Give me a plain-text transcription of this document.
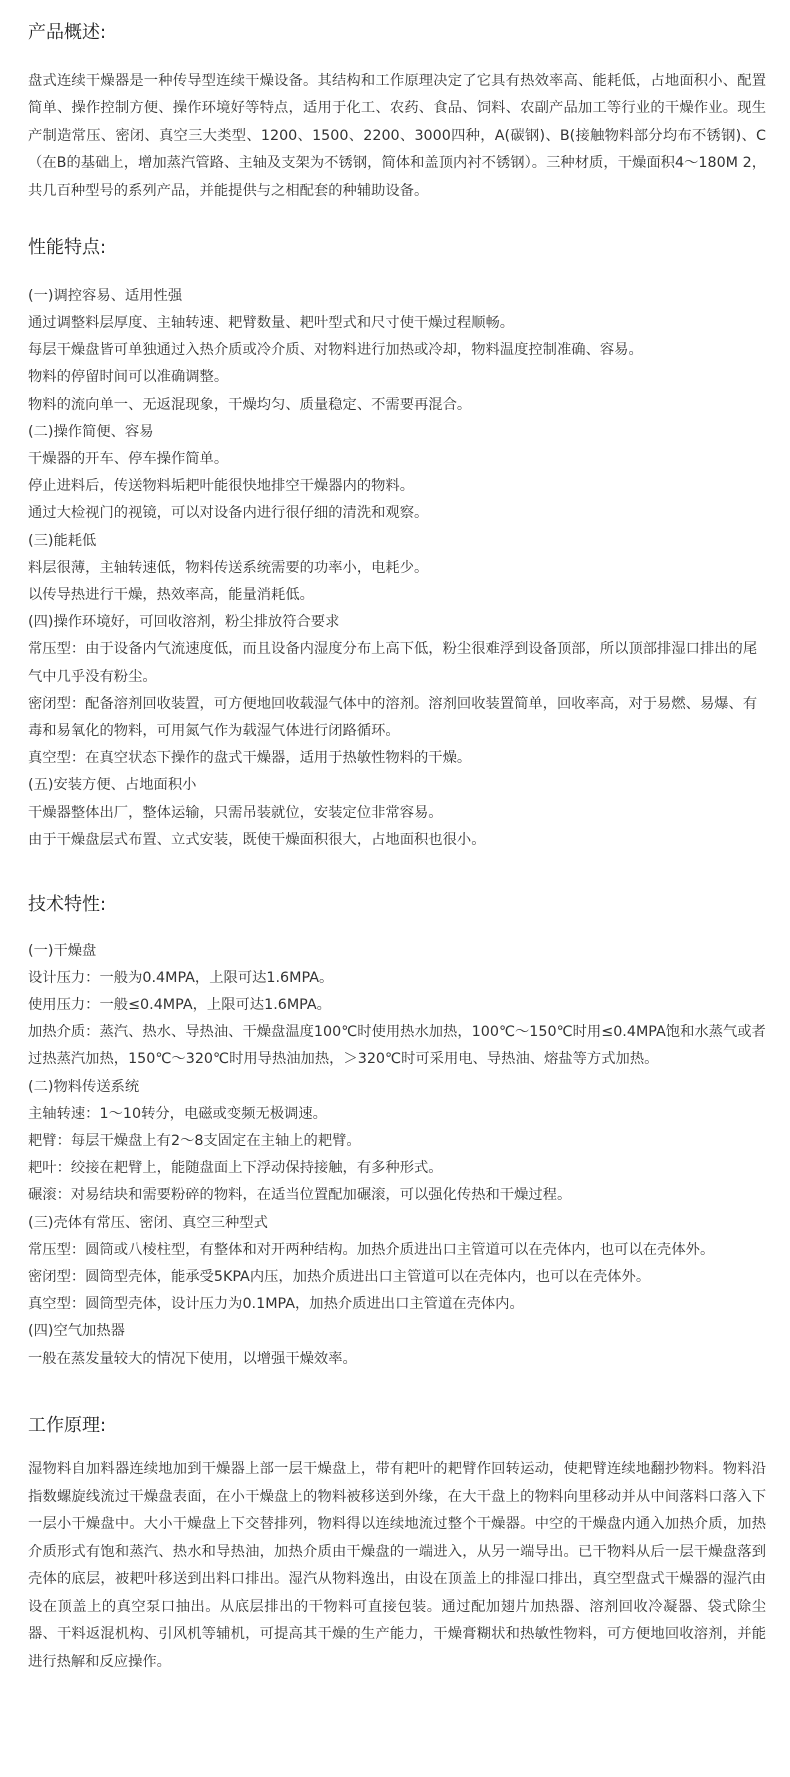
产品概述:

盘式连续干燥器是一种传导型连续干燥设备。其结构和工作原理决定了它具有热效率高、能耗低，占地面积小、配置简单、操作控制方便、操作环境好等特点，适用于化工、农药、食品、饲料、农副产品加工等行业的干燥作业。现生产制造常压、密闭、真空三大类型、1200、1500、2200、3000四种，A(碳钢)、B(接触物料部分均布不锈钢)、C（在B的基础上，增加蒸汽管路、主轴及支架为不锈钢，简体和盖顶内衬不锈钢）。三种材质，干燥面积4～180M 2，共几百种型号的系列产品，并能提供与之相配套的种辅助设备。

性能特点:

(一)调控容易、适用性强

通过调整料层厚度、主轴转速、耙臂数量、耙叶型式和尺寸使干燥过程顺畅。

每层干燥盘皆可单独通过入热介质或冷介质、对物料进行加热或冷却，物料温度控制准确、容易。

物料的停留时间可以准确调整。

物料的流向单一、无返混现象，干燥均匀、质量稳定、不需要再混合。

(二)操作简便、容易

干燥器的开车、停车操作简单。

停止进料后，传送物料垢耙叶能很快地排空干燥器内的物料。

通过大检视门的视镜，可以对设备内进行很仔细的清洗和观察。

(三)能耗低

料层很薄，主轴转速低，物料传送系统需要的功率小，电耗少。

以传导热进行干燥，热效率高，能量消耗低。

(四)操作环境好，可回收溶剂，粉尘排放符合要求

常压型：由于设备内气流速度低，而且设备内湿度分布上高下低，粉尘很难浮到设备顶部，所以顶部排湿口排出的尾气中几乎没有粉尘。

密闭型：配备溶剂回收装置，可方便地回收载湿气体中的溶剂。溶剂回收装置简单，回收率高，对于易燃、易爆、有毒和易氧化的物料，可用氮气作为载湿气体进行闭路循环。

真空型：在真空状态下操作的盘式干燥器，适用于热敏性物料的干燥。

(五)安装方便、占地面积小

干燥器整体出厂，整体运输，只需吊装就位，安装定位非常容易。

由于干燥盘层式布置、立式安装，既使干燥面积很大，占地面积也很小。

技术特性:

(一)干燥盘

设计压力：一般为0.4MPA，上限可达1.6MPA。

使用压力：一般≤0.4MPA，上限可达1.6MPA。

加热介质：蒸汽、热水、导热油、干燥盘温度100℃时使用热水加热，100℃～150℃时用≤0.4MPA饱和水蒸气或者过热蒸汽加热，150℃～320℃时用导热油加热，＞320℃时可采用电、导热油、熔盐等方式加热。

(二)物料传送系统

主轴转速：1～10转分，电磁或变频无极调速。

耙臂：每层干燥盘上有2～8支固定在主轴上的耙臂。

耙叶：绞接在耙臂上，能随盘面上下浮动保持接触，有多种形式。

碾滚：对易结块和需要粉碎的物料，在适当位置配加碾滚，可以强化传热和干燥过程。

(三)壳体有常压、密闭、真空三种型式

常压型：圆筒或八棱柱型，有整体和对开两种结构。加热介质进出口主管道可以在壳体内，也可以在壳体外。

密闭型：圆筒型壳体，能承受5KPA内压，加热介质进出口主管道可以在壳体内，也可以在壳体外。

真空型：圆筒型壳体，设计压力为0.1MPA，加热介质进出口主管道在壳体内。

(四)空气加热器

一般在蒸发量较大的情况下使用，以增强干燥效率。

工作原理:

湿物料自加料器连续地加到干燥器上部一层干燥盘上，带有耙叶的耙臂作回转运动，使耙臂连续地翻抄物料。物料沿指数螺旋线流过干燥盘表面，在小干燥盘上的物料被移送到外缘，在大干盘上的物料向里移动并从中间落料口落入下一层小干燥盘中。大小干燥盘上下交替排列，物料得以连续地流过整个干燥器。中空的干燥盘内通入加热介质，加热介质形式有饱和蒸汽、热水和导热油，加热介质由干燥盘的一端进入，从另一端导出。已干物料从后一层干燥盘落到壳体的底层，被耙叶移送到出料口排出。湿汽从物料逸出，由设在顶盖上的排湿口排出，真空型盘式干燥器的湿汽由设在顶盖上的真空泵口抽出。从底层排出的干物料可直接包装。通过配加翅片加热器、溶剂回收冷凝器、袋式除尘器、干料返混机构、引风机等辅机，可提高其干燥的生产能力，干燥膏糊状和热敏性物料，可方便地回收溶剂，并能进行热解和反应操作。
